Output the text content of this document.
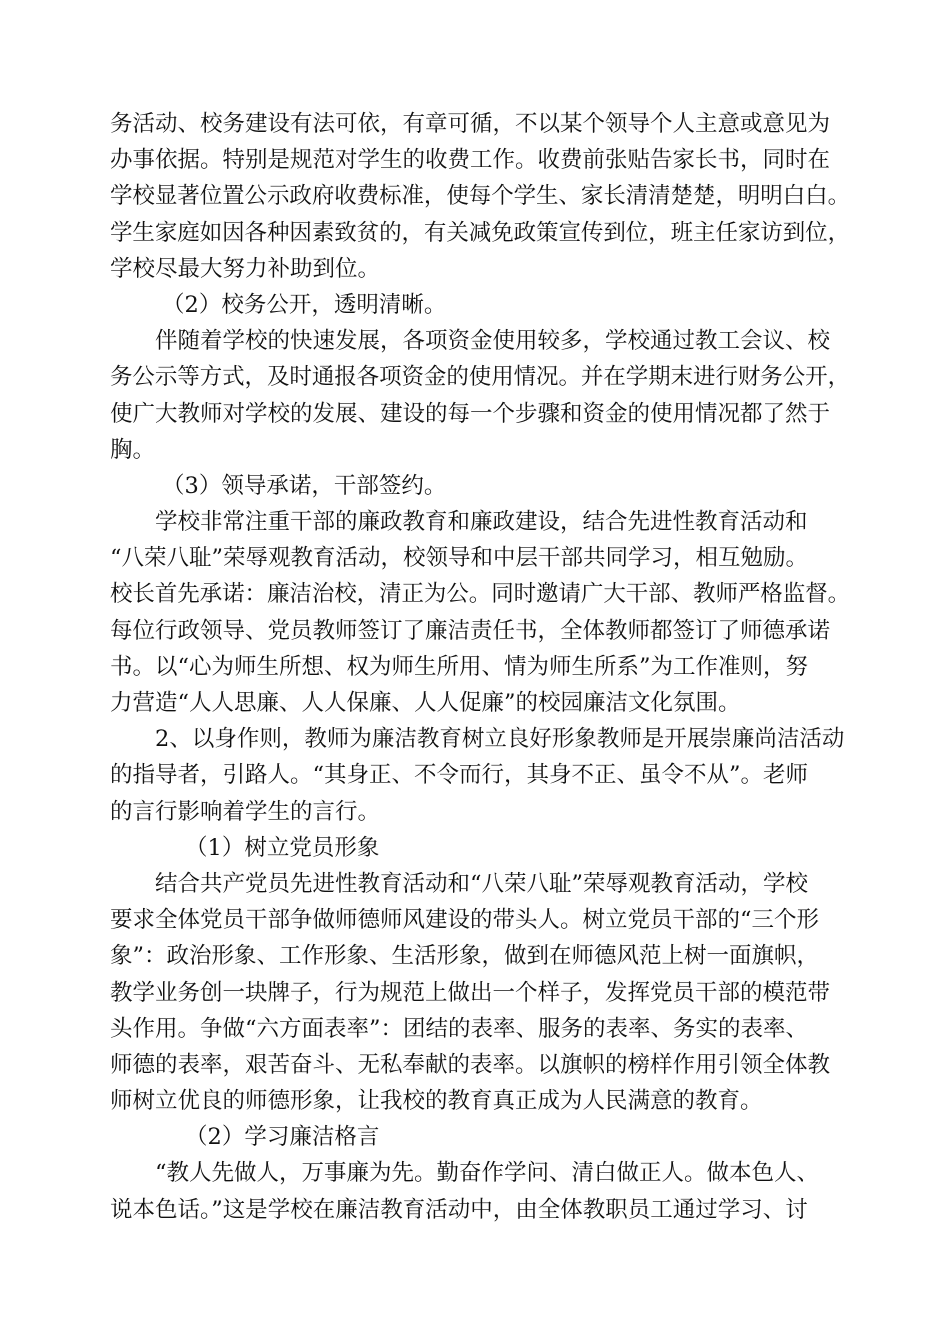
务活动、校务建设有法可依，有章可循，不以某个领导个人主意或意见为
办事依据。特别是规范对学生的收费工作。收费前张贴告家长书，同时在
学校显著位置公示政府收费标准，使每个学生、家长清清楚楚，明明白白。
学生家庭如因各种因素致贫的，有关减免政策宣传到位，班主任家访到位，
学校尽最大努力补助到位。
（2）校务公开，透明清晰。
伴随着学校的快速发展，各项资金使用较多，学校通过教工会议、校
务公示等方式，及时通报各项资金的使用情况。并在学期末进行财务公开，
使广大教师对学校的发展、建设的每一个步骤和资金的使用情况都了然于
胸。
（3）领导承诺，干部签约。
学校非常注重干部的廉政教育和廉政建设，结合先进性教育活动和
“八荣八耻”荣辱观教育活动，校领导和中层干部共同学习，相互勉励。
校长首先承诺：廉洁治校，清正为公。同时邀请广大干部、教师严格监督。
每位行政领导、党员教师签订了廉洁责任书，全体教师都签订了师德承诺
书。以“心为师生所想、权为师生所用、情为师生所系”为工作准则，努
力营造“人人思廉、人人保廉、人人促廉”的校园廉洁文化氛围。
2、以身作则，教师为廉洁教育树立良好形象教师是开展崇廉尚洁活动
的指导者，引路人。“其身正、不令而行，其身不正、虽令不从”。老师
的言行影响着学生的言行。
（1）树立党员形象
结合共产党员先进性教育活动和“八荣八耻”荣辱观教育活动，学校
要求全体党员干部争做师德师风建设的带头人。树立党员干部的“三个形
象”：政治形象、工作形象、生活形象，做到在师德风范上树一面旗帜，
教学业务创一块牌子，行为规范上做出一个样子，发挥党员干部的模范带
头作用。争做“六方面表率”：团结的表率、服务的表率、务实的表率、
师德的表率，艰苦奋斗、无私奉献的表率。以旗帜的榜样作用引领全体教
师树立优良的师德形象，让我校的教育真正成为人民满意的教育。
（2）学习廉洁格言
“教人先做人，万事廉为先。勤奋作学问、清白做正人。做本色人、
说本色话。”这是学校在廉洁教育活动中，由全体教职员工通过学习、讨
